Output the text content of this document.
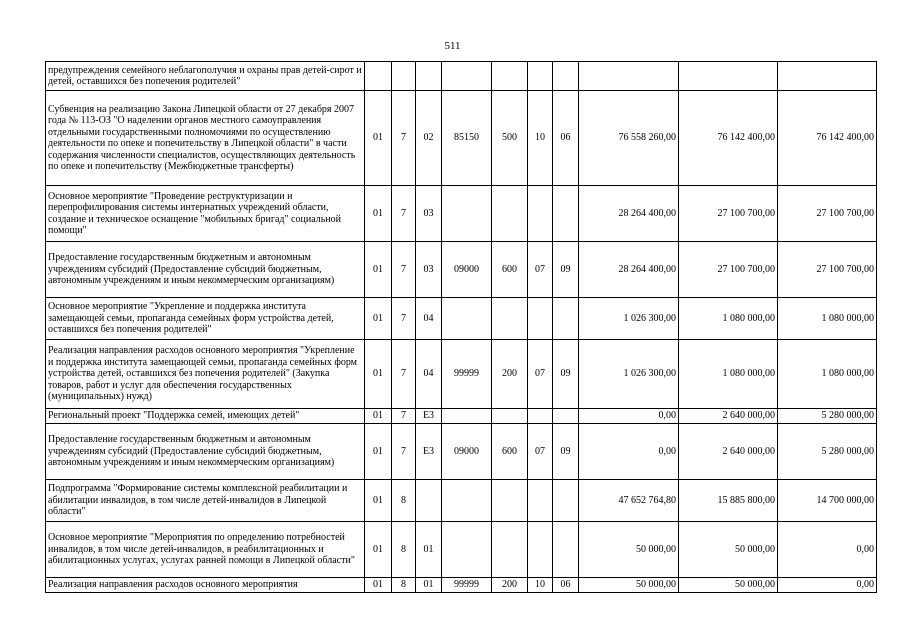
511
предупреждения семейного неблагополучия и охраны прав детей-сирот и детей, оставшихся без попечения родителей"										
Субвенция на реализацию Закона Липецкой области от 27 декабря 2007 года № 113-ОЗ "О наделении органов местного самоуправления отдельными государственными полномочиями по осуществлению деятельности по опеке и попечительству в Липецкой области" в части содержания численности специалистов, осуществляющих деятельность по опеке и попечительству (Межбюджетные трансферты)	01	7	02	85150	500	10	06	76 558 260,00	76 142 400,00	76 142 400,00
Основное мероприятие "Проведение реструктуризации и перепрофилирования системы интернатных учреждений области, создание и техническое оснащение "мобильных бригад" социальной помощи"	01	7	03					28 264 400,00	27 100 700,00	27 100 700,00
Предоставление государственным бюджетным и автономным учреждениям субсидий (Предоставление субсидий бюджетным, автономным учреждениям и иным некоммерческим организациям)	01	7	03	09000	600	07	09	28 264 400,00	27 100 700,00	27 100 700,00
Основное мероприятие "Укрепление и поддержка института замещающей семьи, пропаганда семейных форм устройства детей, оставшихся без попечения родителей"	01	7	04					1 026 300,00	1 080 000,00	1 080 000,00
Реализация направления расходов основного мероприятия "Укрепление и поддержка института замещающей семьи, пропаганда семейных форм устройства детей, оставшихся без попечения родителей" (Закупка товаров, работ и услуг для обеспечения государственных (муниципальных) нужд)	01	7	04	99999	200	07	09	1 026 300,00	1 080 000,00	1 080 000,00
Региональный проект "Поддержка семей, имеющих детей"	01	7	Е3					0,00	2 640 000,00	5 280 000,00
Предоставление государственным бюджетным и автономным учреждениям субсидий (Предоставление субсидий бюджетным, автономным учреждениям и иным некоммерческим организациям)	01	7	Е3	09000	600	07	09	0,00	2 640 000,00	5 280 000,00
Подпрограмма "Формирование системы комплексной реабилитации и абилитации инвалидов, в том числе детей-инвалидов в Липецкой области"	01	8						47 652 764,80	15 885 800,00	14 700 000,00
Основное мероприятие "Мероприятия по определению потребностей инвалидов, в том числе детей-инвалидов, в реабилитационных и абилитационных услугах, услугах ранней помощи в Липецкой области"	01	8	01					50 000,00	50 000,00	0,00
Реализация направления расходов основного мероприятия	01	8	01	99999	200	10	06	50 000,00	50 000,00	0,00
